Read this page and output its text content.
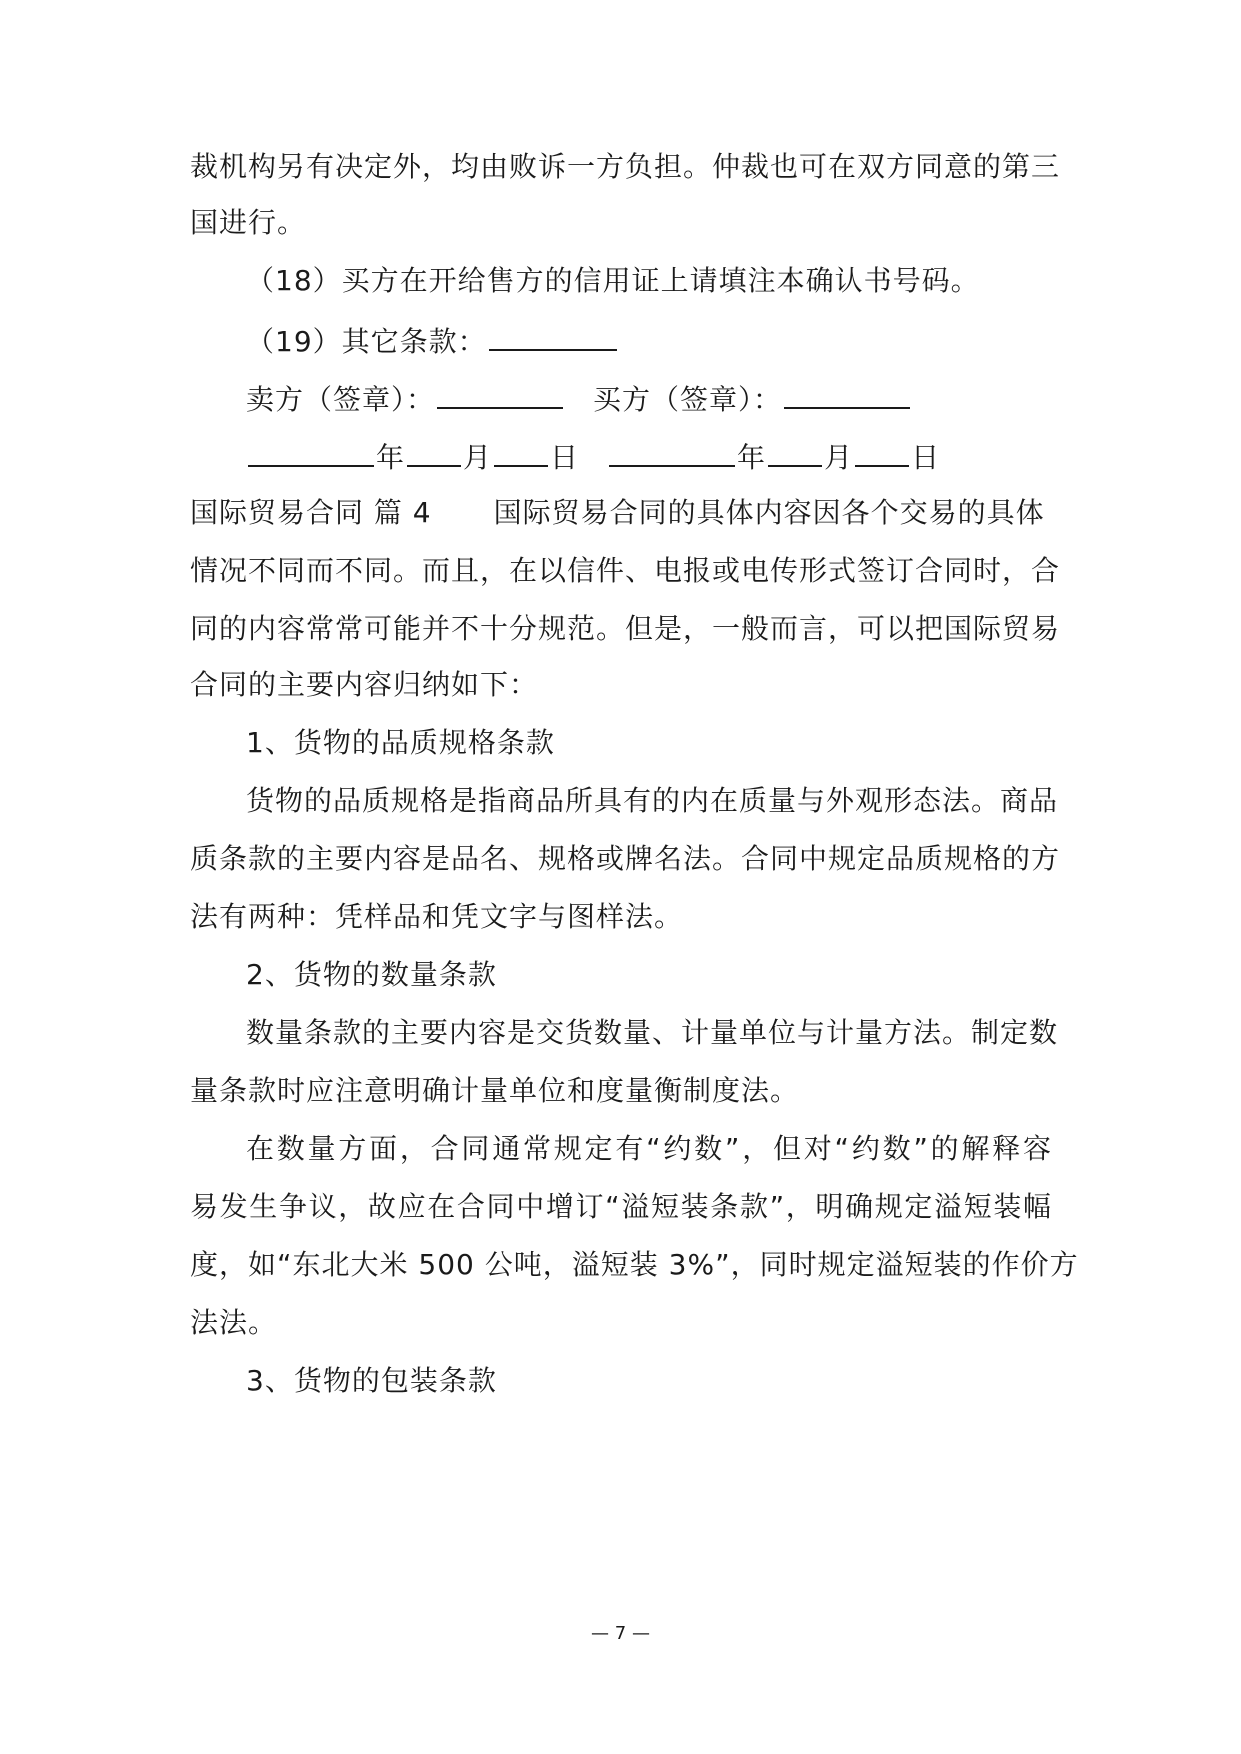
裁机构另有决定外，均由败诉一方负担。仲裁也可在双方同意的第三
国进行。
（18）买方在开给售方的信用证上请填注本确认书号码。
（19）其它条款：
卖方（签章）：	买方（签章）：
年 月 日	年 月 日
国际贸易合同 篇 4 国际贸易合同的具体内容因各个交易的具体
情况不同而不同。而且，在以信件、电报或电传形式签订合同时，合
同的内容常常可能并不十分规范。但是，一般而言，可以把国际贸易
合同的主要内容归纳如下：
1、货物的品质规格条款
货物的品质规格是指商品所具有的内在质量与外观形态法。商品
质条款的主要内容是品名、规格或牌名法。合同中规定品质规格的方
法有两种：凭样品和凭文字与图样法。
2、货物的数量条款
数量条款的主要内容是交货数量、计量单位与计量方法。制定数
量条款时应注意明确计量单位和度量衡制度法。
在数量方面，合同通常规定有“约数”，但对“约数”的解释容
易发生争议，故应在合同中增订“溢短装条款”，明确规定溢短装幅
度，如“东北大米 500 公吨，溢短装 3%”，同时规定溢短装的作价方
法法。
3、货物的包装条款
— 7 —
